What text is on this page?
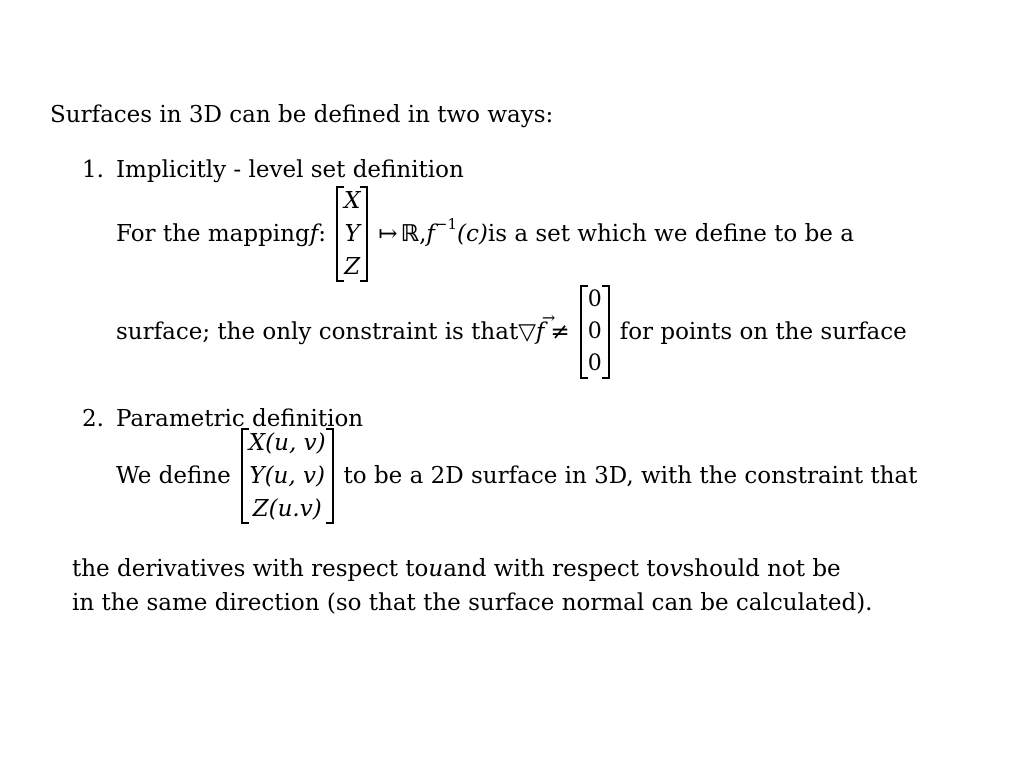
Surfaces in 3D can be defined in two ways:
1. Implicitly - level set definition
For the mapping f :
X
Y
Z
↦ ℝ , f −1 (c) is a set which we define to be a
surface; the only constraint is that ▽
→
f ≠
0
0
0
for points on the surface
2. Parametric definition
We define
X(u, v)
Y(u, v)
Z(u.v)
to be a 2D surface in 3D, with the constraint that
the derivatives with respect to u and with respect to v should not be
in the same direction (so that the surface normal can be calculated).
